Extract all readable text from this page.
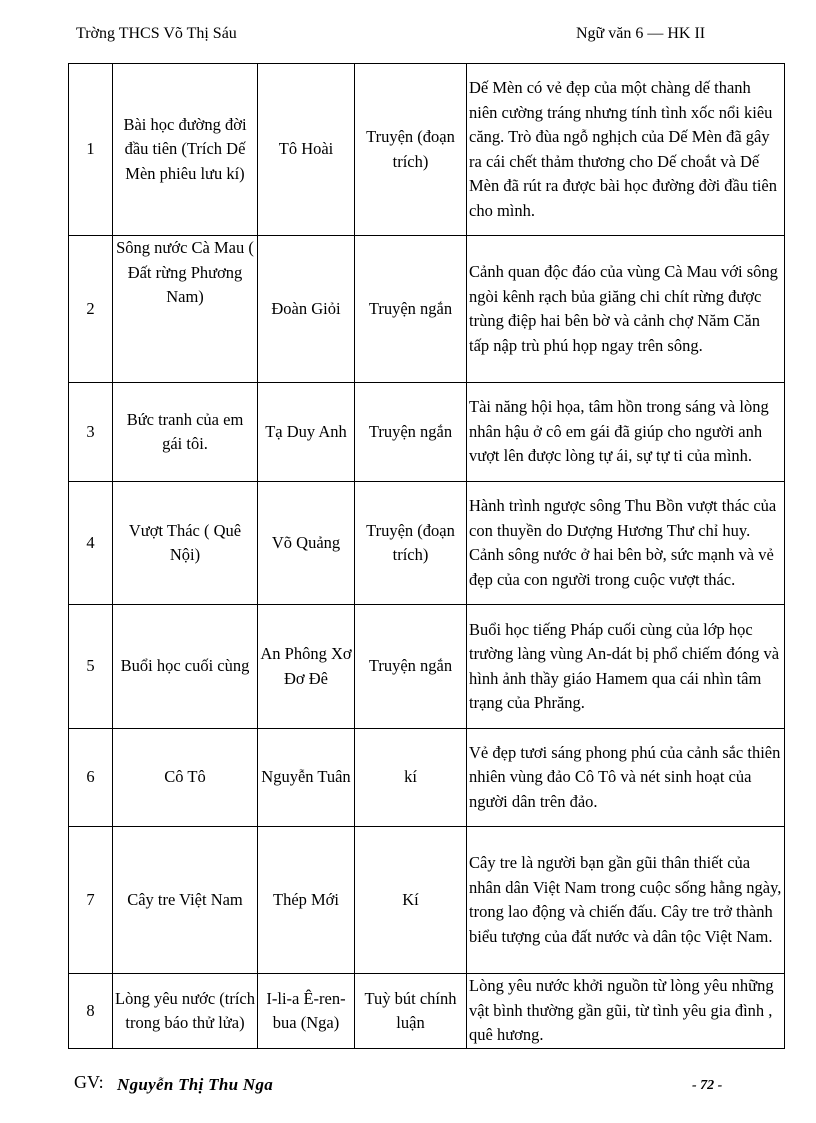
Trờng THCS Võ Thị Sáu	Ngữ văn 6 — HK II
1	Bài học đường đời đầu tiên (Trích Dế Mèn phiêu lưu kí)	Tô Hoài	Truyện (đoạn trích)	Dế Mèn có vẻ đẹp của một chàng dế thanh niên cường tráng nhưng tính tình xốc nổi kiêu căng. Trò đùa ngỗ nghịch của Dế Mèn đã gây ra cái chết thảm thương cho Dế choắt và Dế Mèn đã rút ra được bài học đường đời đầu tiên cho mình.
2	Sông nước Cà Mau ( Đất rừng Phương Nam)	Đoàn Giỏi	Truyện ngắn	Cảnh quan độc đáo của vùng Cà Mau với sông ngòi kênh rạch bủa giăng chi chít rừng được trùng điệp hai bên bờ và cảnh chợ Năm Căn tấp nập trù phú họp ngay trên sông.
3	Bức tranh của em gái tôi.	Tạ Duy Anh	Truyện ngắn	Tài năng hội họa, tâm hồn trong sáng và lòng nhân hậu ở cô em gái đã giúp cho người anh vượt lên được lòng tự ái, sự tự ti của mình.
4	Vượt Thác ( Quê Nội)	Võ Quảng	Truyện (đoạn trích)	Hành trình ngược sông Thu Bồn vượt thác của con thuyền do Dượng Hương Thư chỉ huy. Cảnh sông nước ở hai bên bờ, sức mạnh và vẻ đẹp của con người trong cuộc vượt thác.
5	Buổi học cuối cùng	An Phông Xơ Đơ Đê	Truyện ngắn	Buổi học tiếng Pháp cuối cùng của lớp học trường làng vùng An-dát bị phổ chiếm đóng và hình ảnh thầy giáo Hamem qua cái nhìn tâm trạng của Phrăng.
6	Cô Tô	Nguyễn Tuân	kí	Vẻ đẹp tươi sáng phong phú của cảnh sắc thiên nhiên vùng đảo Cô Tô và nét sinh hoạt của người dân trên đảo.
7	Cây tre Việt Nam	Thép Mới	Kí	Cây tre là người bạn gần gũi thân thiết của nhân dân Việt Nam trong cuộc sống hằng ngày, trong lao động và chiến đấu. Cây tre trở thành biểu tượng của đất nước và dân tộc Việt Nam.
8	Lòng yêu nước (trích trong báo thử lửa)	I-li-a Ê-ren-bua (Nga)	Tuỳ bút chính luận	Lòng yêu nước khởi nguồn từ lòng yêu những vật bình thường gần gũi, từ tình yêu gia đình , quê hương.
GV: Nguyễn Thị Thu Nga	- 72 -
